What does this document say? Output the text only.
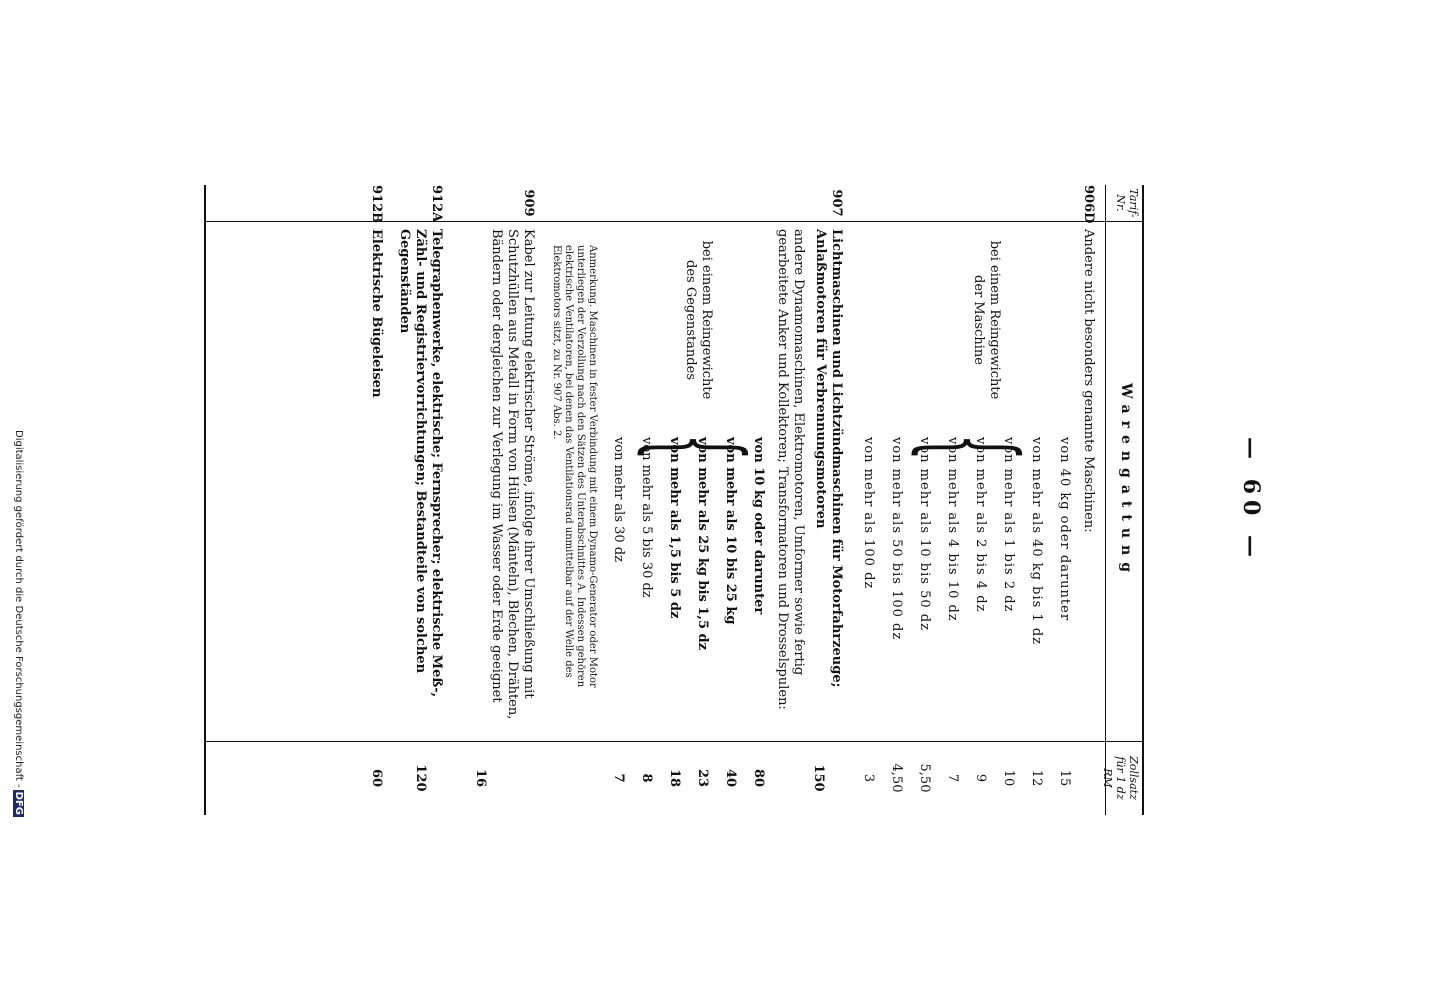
— 60 —
Tarif-
Nr.
Warengattung
Zollsatz
für 1 dz
RM
906D
Andere nicht besonders genannte Maschinen:
bei einem Reingewichte der Maschine
{ von 40 kg oder darunter
von mehr als 40 kg bis 1 dz
von mehr als 1 bis 2 dz
von mehr als 2 bis 4 dz
von mehr als 4 bis 10 dz
von mehr als 10 bis 50 dz
von mehr als 50 bis 100 dz
von mehr als 100 dz
15
12
10
9
7
5,50
4,50
3
907
Lichtmaschinen und Lichtzündmaschinen für Motorfahrzeuge; Anlaßmotoren für Verbrennungsmotoren
150
andere Dynamomaschinen, Elektromotoren, Umformer sowie fertig gearbeitete Anker und Kollektoren; Transformatoren und Drosselspulen:
bei einem Reingewichte des Gegenstandes
{
von 10 kg oder darunter
von mehr als 10 bis 25 kg
von mehr als 25 kg bis 1,5 dz
von mehr als 1,5 bis 5 dz
von mehr als 5 bis 30 dz
von mehr als 30 dz
80
40
23
18
8
7
Anmerkung. Maschinen in fester Verbindung mit einem Dynamo-Generator oder Motor unterliegen der Verzollung nach den Sätzen des Unterabschnittes A. Indessen gehören elektrische Ventilatoren, bei denen das Ventilationsrad unmittelbar auf der Welle des Elektromotors sitzt, zu Nr. 907 Abs. 2.
909
Kabel zur Leitung elektrischer Ströme, infolge ihrer Umschließung mit Schutzhüllen aus Metall in Form von Hülsen (Mänteln), Blechen, Drähten, Bändern oder dergleichen zur Verlegung im Wasser oder Erde geeignet
16
912A
Telegraphenwerke, elektrische; Fernsprecher; elektrische Meß-, Zähl- und Registriervorrichtungen; Bestandteile von solchen Gegenständen
120
912B
Elektrische Bügeleisen
60
Digitalisierung gefördert durch die Deutsche Forschungsgemeinschaft -DFG
